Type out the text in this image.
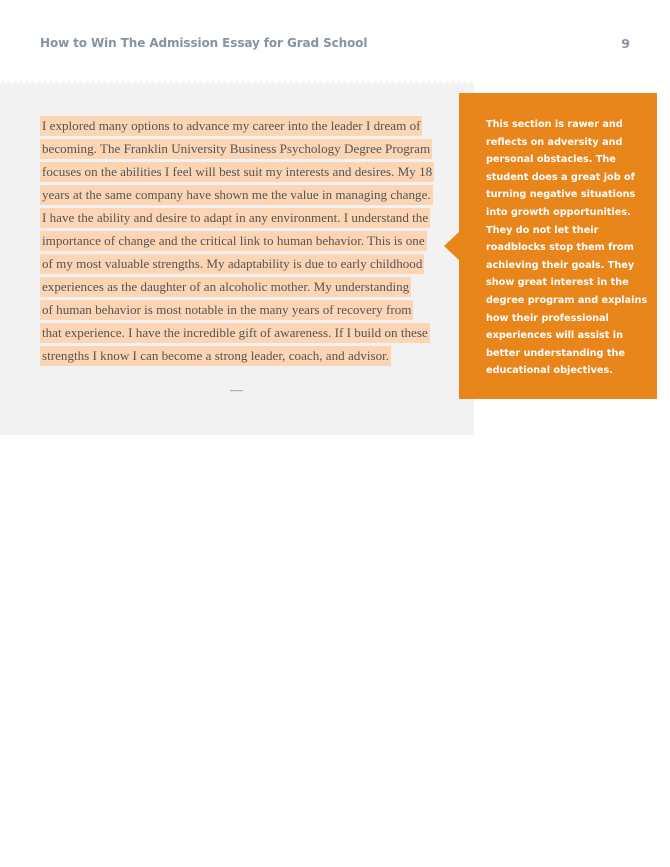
How to Win The Admission Essay for Grad School	9
I explored many options to advance my career into the leader I dream of
becoming. The Franklin University Business Psychology Degree Program
focuses on the abilities I feel will best suit my interests and desires. My 18
years at the same company have shown me the value in managing change.
I have the ability and desire to adapt in any environment. I understand the
importance of change and the critical link to human behavior. This is one
of my most valuable strengths. My adaptability is due to early childhood
experiences as the daughter of an alcoholic mother. My understanding
of human behavior is most notable in the many years of recovery from
that experience. I have the incredible gift of awareness. If I build on these
strengths I know I can become a strong leader, coach, and advisor.
—
This section is rawer and
reflects on adversity and
personal obstacles. The
student does a great job of
turning negative situations
into growth opportunities.
They do not let their
roadblocks stop them from
achieving their goals. They
show great interest in the
degree program and explains
how their professional
experiences will assist in
better understanding the
educational objectives.
